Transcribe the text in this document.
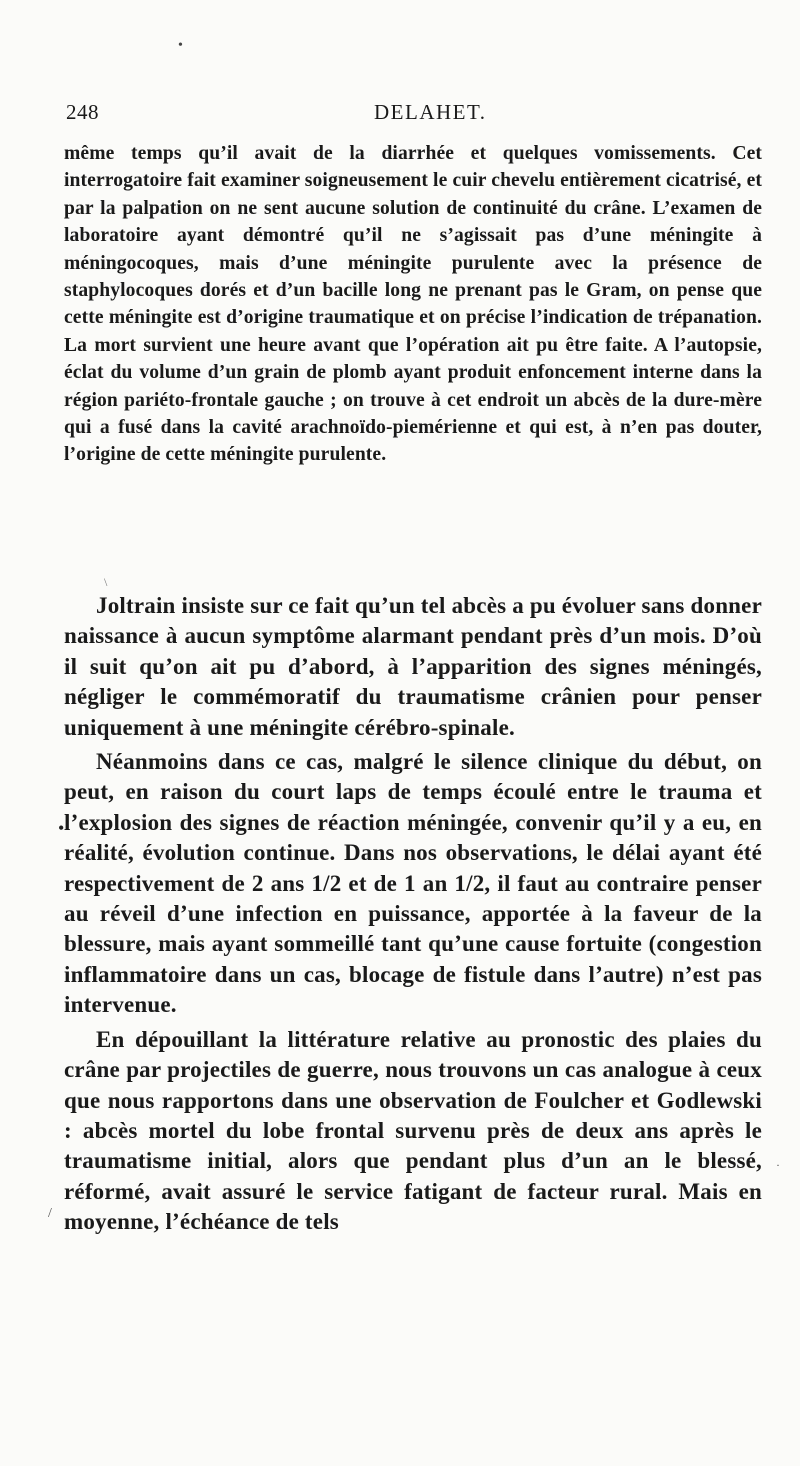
•
248	DELAHET.

même temps qu’il avait de la diarrhée et quelques vomissements. Cet interrogatoire fait examiner soigneusement le cuir chevelu entièrement cicatrisé, et par la palpation on ne sent aucune solution de continuité du crâne. L’examen de laboratoire ayant démontré qu’il ne s’agissait pas d’une méningite à méningocoques, mais d’une méningite purulente avec la présence de staphylocoques dorés et d’un bacille long ne prenant pas le Gram, on pense que cette méningite est d’origine traumatique et on précise l’indication de trépanation. La mort survient une heure avant que l’opération ait pu être faite. A l’autopsie, éclat du volume d’un grain de plomb ayant produit enfoncement interne dans la région pariéto-frontale gauche ; on trouve à cet endroit un abcès de la dure-mère qui a fusé dans la cavité arachnoïdo-piemérienne et qui est, à n’en pas douter, l’origine de cette méningite purulente.

\

Joltrain insiste sur ce fait qu’un tel abcès a pu évoluer sans donner naissance à aucun symptôme alarmant pendant près d’un mois. D’où il suit qu’on ait pu d’abord, à l’apparition des signes méningés, négliger le commémoratif du traumatisme crânien pour penser uniquement à une méningite cérébro-spinale.

Néanmoins dans ce cas, malgré le silence clinique du début, on peut, en raison du court laps de temps écoulé entre le trauma et l’explosion des signes de réaction méningée, convenir qu’il y a eu, en réalité, évolution continue. Dans nos observations, le délai ayant été respectivement de 2 ans 1/2 et de 1 an 1/2, il faut au contraire penser au réveil d’une infection en puissance, apportée à la faveur de la blessure, mais ayant sommeillé tant qu’une cause fortuite (congestion inflammatoire dans un cas, blocage de fistule dans l’autre) n’est pas intervenue.

En dépouillant la littérature relative au pronostic des plaies du crâne par projectiles de guerre, nous trouvons un cas analogue à ceux que nous rapportons dans une observation de Foulcher et Godlewski : abcès mortel du lobe frontal survenu près de deux ans après le traumatisme initial, alors que pendant plus d’un an le blessé, réformé, avait assuré le service fatigant de facteur rural. Mais en moyenne, l’échéance de tels

•
/
·
